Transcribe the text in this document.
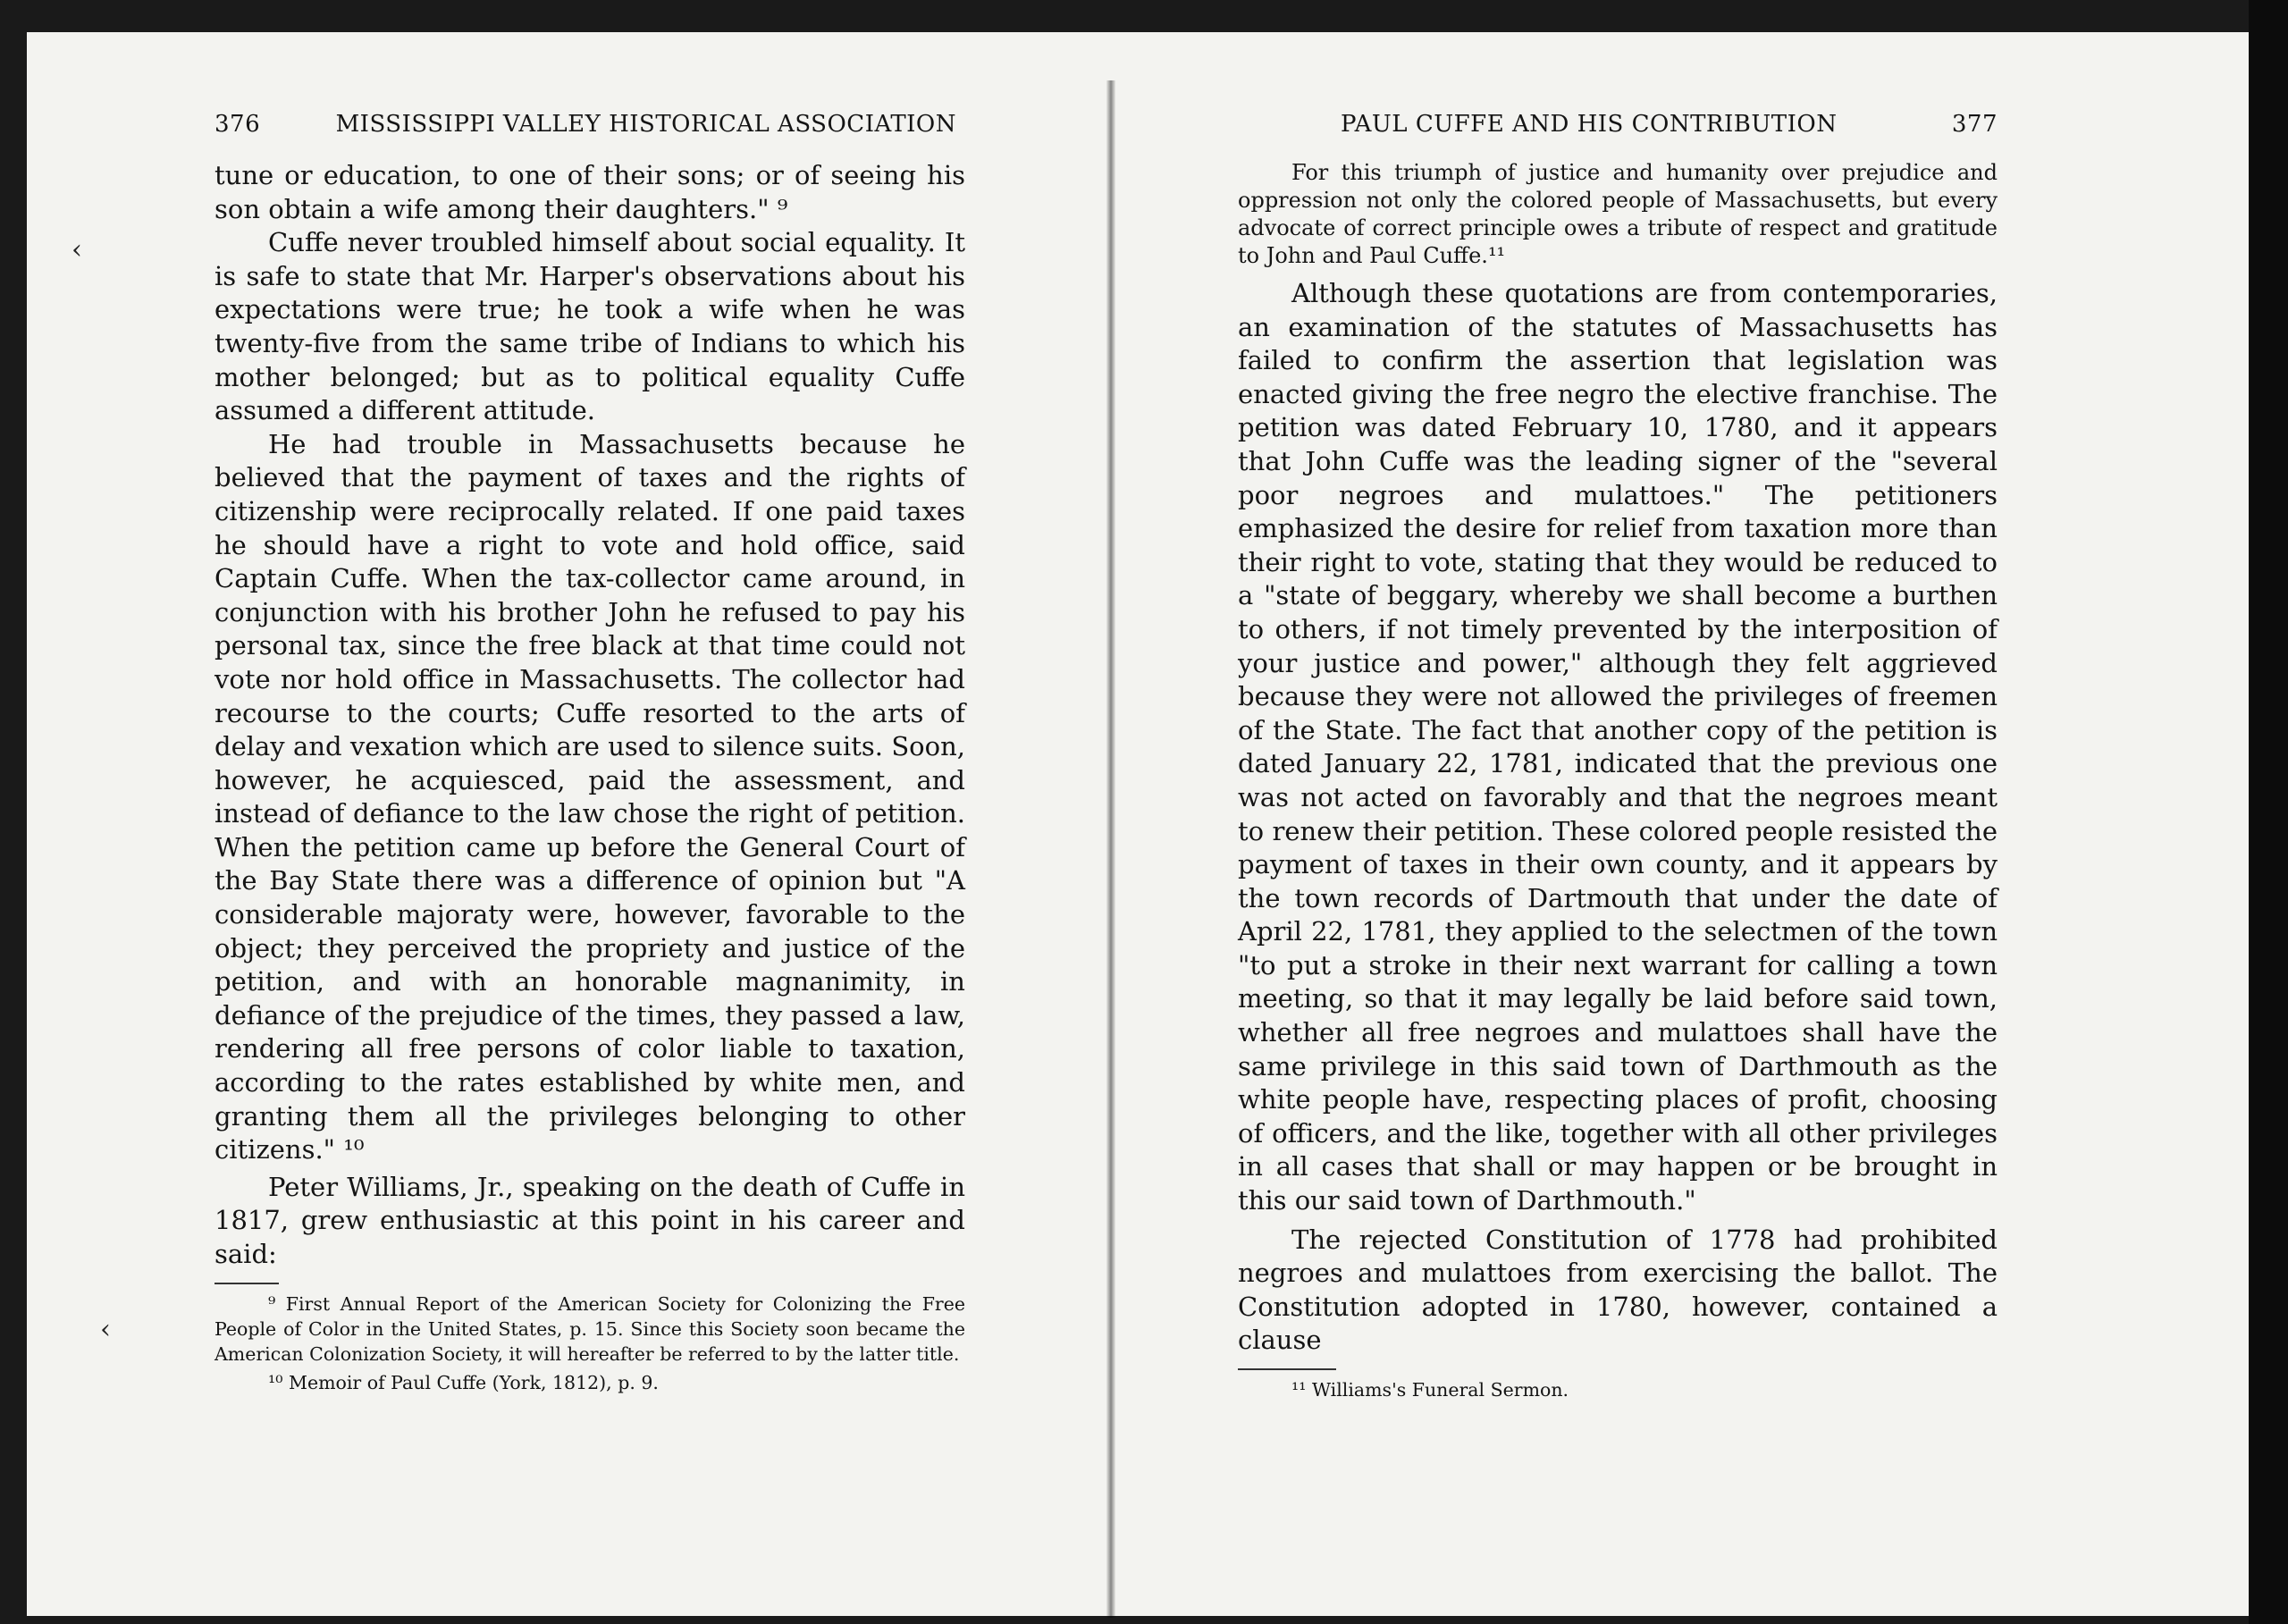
376	MISSISSIPPI VALLEY HISTORICAL ASSOCIATION

tune or education, to one of their sons; or of seeing his son obtain a wife among their daughters." ⁹

Cuffe never troubled himself about social equality. It is safe to state that Mr. Harper's observations about his expectations were true; he took a wife when he was twenty-five from the same tribe of Indians to which his mother belonged; but as to political equality Cuffe assumed a different attitude.

He had trouble in Massachusetts because he believed that the payment of taxes and the rights of citizenship were reciprocally related. If one paid taxes he should have a right to vote and hold office, said Captain Cuffe. When the tax-collector came around, in conjunction with his brother John he refused to pay his personal tax, since the free black at that time could not vote nor hold office in Massachusetts. The collector had recourse to the courts; Cuffe resorted to the arts of delay and vexation which are used to silence suits. Soon, however, he acquiesced, paid the assessment, and instead of defiance to the law chose the right of petition. When the petition came up before the General Court of the Bay State there was a difference of opinion but "A considerable majoraty were, however, favorable to the object; they perceived the propriety and justice of the petition, and with an honorable magnanimity, in defiance of the prejudice of the times, they passed a law, rendering all free persons of color liable to taxation, according to the rates established by white men, and granting them all the privileges belonging to other citizens." ¹⁰

Peter Williams, Jr., speaking on the death of Cuffe in 1817, grew enthusiastic at this point in his career and said:

⁹ First Annual Report of the American Society for Colonizing the Free People of Color in the United States, p. 15. Since this Society soon became the American Colonization Society, it will hereafter be referred to by the latter title.

¹⁰ Memoir of Paul Cuffe (York, 1812), p. 9.

PAUL CUFFE AND HIS CONTRIBUTION	377

For this triumph of justice and humanity over prejudice and oppression not only the colored people of Massachusetts, but every advocate of correct principle owes a tribute of respect and gratitude to John and Paul Cuffe.¹¹

Although these quotations are from contemporaries, an examination of the statutes of Massachusetts has failed to confirm the assertion that legislation was enacted giving the free negro the elective franchise. The petition was dated February 10, 1780, and it appears that John Cuffe was the leading signer of the "several poor negroes and mulattoes." The petitioners emphasized the desire for relief from taxation more than their right to vote, stating that they would be reduced to a "state of beggary, whereby we shall become a burthen to others, if not timely prevented by the interposition of your justice and power," although they felt aggrieved because they were not allowed the privileges of freemen of the State. The fact that another copy of the petition is dated January 22, 1781, indicated that the previous one was not acted on favorably and that the negroes meant to renew their petition. These colored people resisted the payment of taxes in their own county, and it appears by the town records of Dartmouth that under the date of April 22, 1781, they applied to the selectmen of the town "to put a stroke in their next warrant for calling a town meeting, so that it may legally be laid before said town, whether all free negroes and mulattoes shall have the same privilege in this said town of Darthmouth as the white people have, respecting places of profit, choosing of officers, and the like, together with all other privileges in all cases that shall or may happen or be brought in this our said town of Darthmouth."

The rejected Constitution of 1778 had prohibited negroes and mulattoes from exercising the ballot. The Constitution adopted in 1780, however, contained a clause

¹¹ Williams's Funeral Sermon.

‹
‹
